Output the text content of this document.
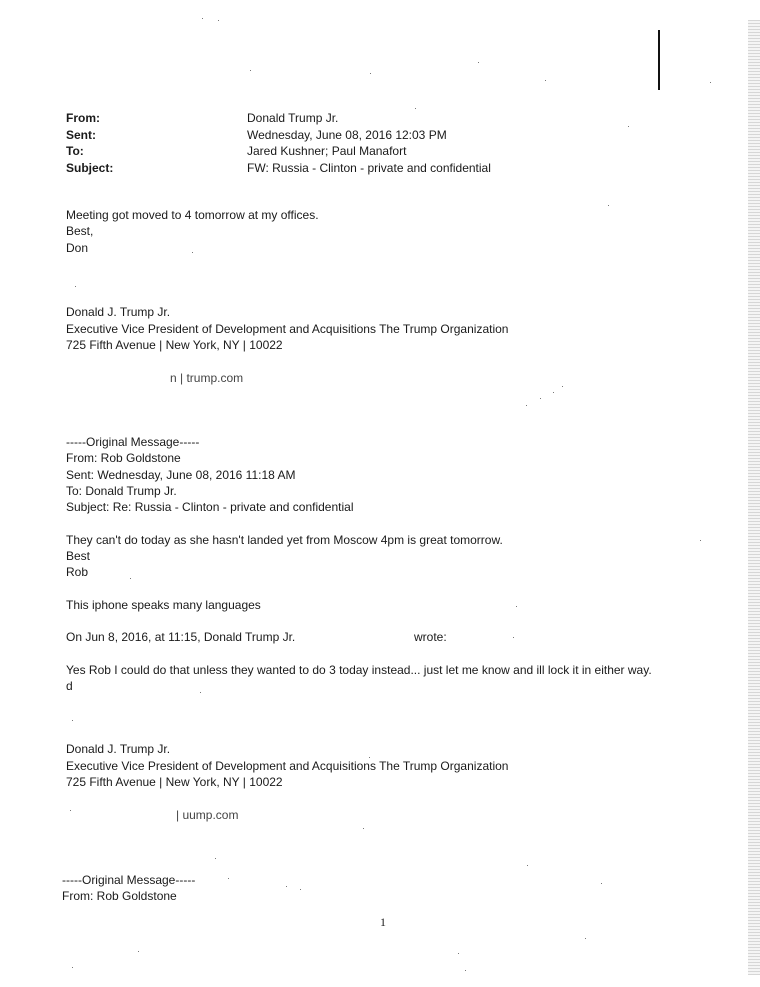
From:	Donald Trump Jr.
Sent:	Wednesday, June 08, 2016 12:03 PM
To:	Jared Kushner; Paul Manafort
Subject:	FW: Russia - Clinton - private and confidential
Meeting got moved to 4 tomorrow at my offices.
Best,
Don
Donald J. Trump Jr.
Executive Vice President of Development and Acquisitions The Trump Organization
725 Fifth Avenue | New York, NY | 10022
n | trump.com
-----Original Message-----
From: Rob Goldstone
Sent: Wednesday, June 08, 2016 11:18 AM
To: Donald Trump Jr.
Subject: Re: Russia - Clinton - private and confidential
They can't do today as she hasn't landed yet from Moscow 4pm is great tomorrow.
Best
Rob
This iphone speaks many languages
On Jun 8, 2016, at 11:15, Donald Trump Jr.	wrote:
Yes Rob I could do that unless they wanted to do 3 today instead... just let me know and ill lock it in either way.
d
Donald J. Trump Jr.
Executive Vice President of Development and Acquisitions The Trump Organization
725 Fifth Avenue | New York, NY | 10022
| uump.com
-----Original Message-----
From: Rob Goldstone
1
